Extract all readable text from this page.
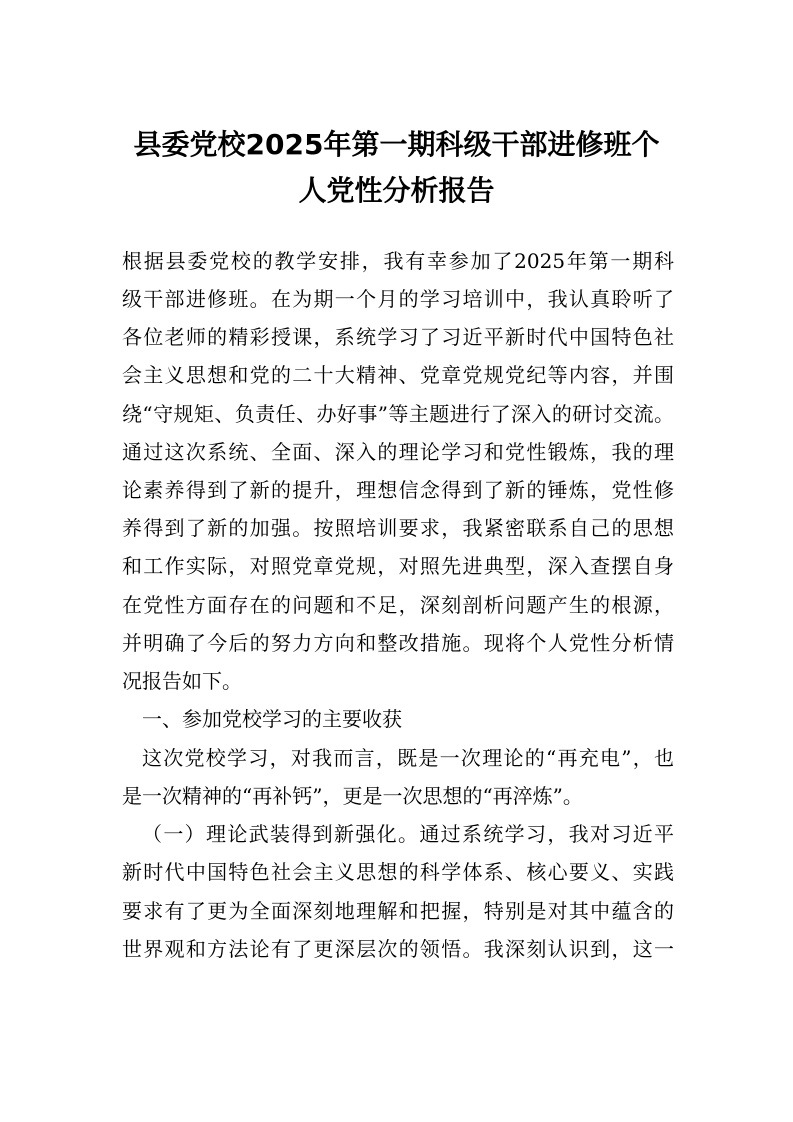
县委党校2025年第一期科级干部进修班个
人党性分析报告
根据县委党校的教学安排，我有幸参加了2025年第一期科
级干部进修班。在为期一个月的学习培训中，我认真聆听了
各位老师的精彩授课，系统学习了习近平新时代中国特色社
会主义思想和党的二十大精神、党章党规党纪等内容，并围
绕“守规矩、负责任、办好事”等主题进行了深入的研讨交流。
通过这次系统、全面、深入的理论学习和党性锻炼，我的理
论素养得到了新的提升，理想信念得到了新的锤炼，党性修
养得到了新的加强。按照培训要求，我紧密联系自己的思想
和工作实际，对照党章党规，对照先进典型，深入查摆自身
在党性方面存在的问题和不足，深刻剖析问题产生的根源，
并明确了今后的努力方向和整改措施。现将个人党性分析情
况报告如下。
一、参加党校学习的主要收获
这次党校学习，对我而言，既是一次理论的“再充电”，也
是一次精神的“再补钙”，更是一次思想的“再淬炼”。
（一）理论武装得到新强化。通过系统学习，我对习近平
新时代中国特色社会主义思想的科学体系、核心要义、实践
要求有了更为全面深刻地理解和把握，特别是对其中蕴含的
世界观和方法论有了更深层次的领悟。我深刻认识到，这一
